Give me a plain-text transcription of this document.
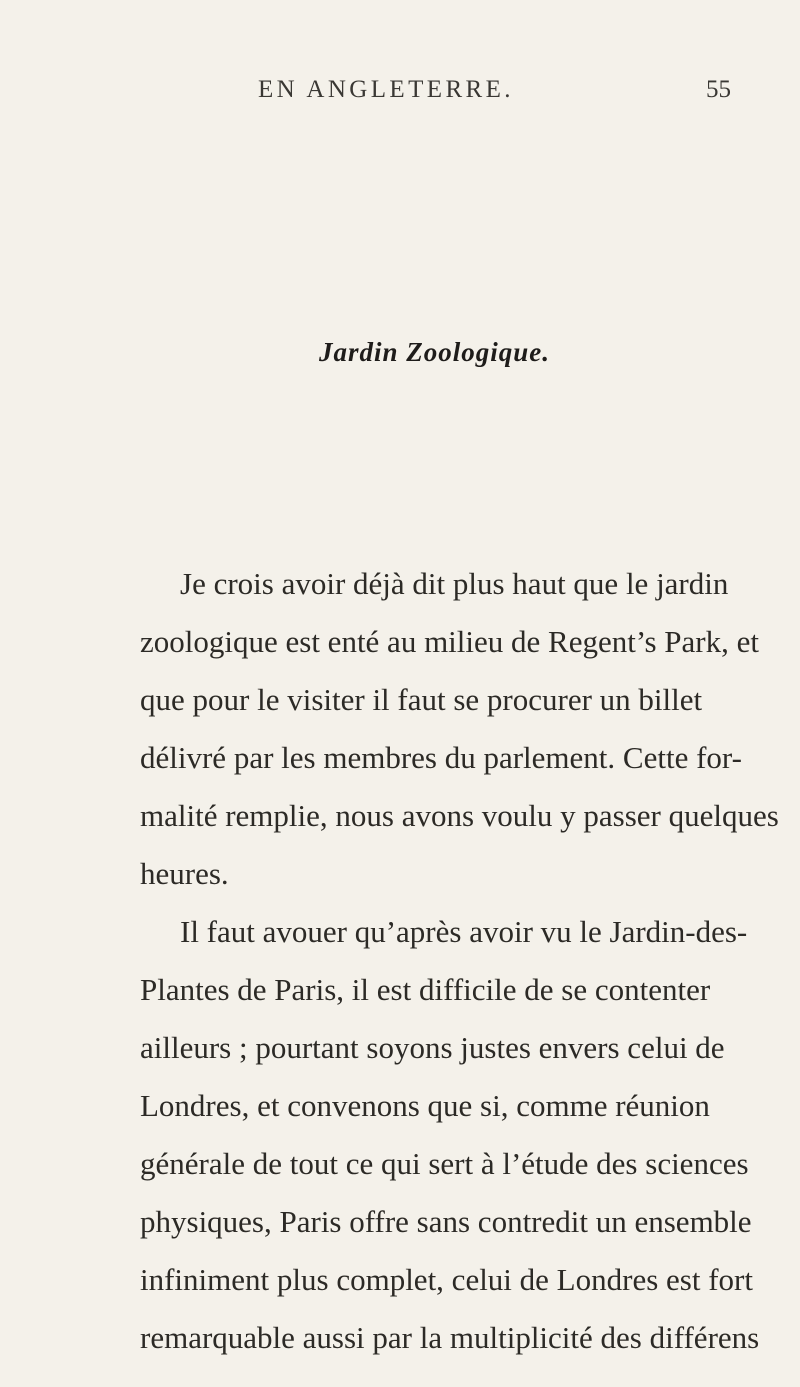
EN ANGLETERRE.	55
Jardin Zoologique.
Je crois avoir déjà dit plus haut que le jardin
zoologique est enté au milieu de Regent’s Park, et
que pour le visiter il faut se procurer un billet
délivré par les membres du parlement. Cette for-
malité remplie, nous avons voulu y passer quelques
heures.
Il faut avouer qu’après avoir vu le Jardin-des-
Plantes de Paris, il est difficile de se contenter
ailleurs ; pourtant soyons justes envers celui de
Londres, et convenons que si, comme réunion
générale de tout ce qui sert à l’étude des sciences
physiques, Paris offre sans contredit un ensemble
infiniment plus complet, celui de Londres est fort
remarquable aussi par la multiplicité des différens
